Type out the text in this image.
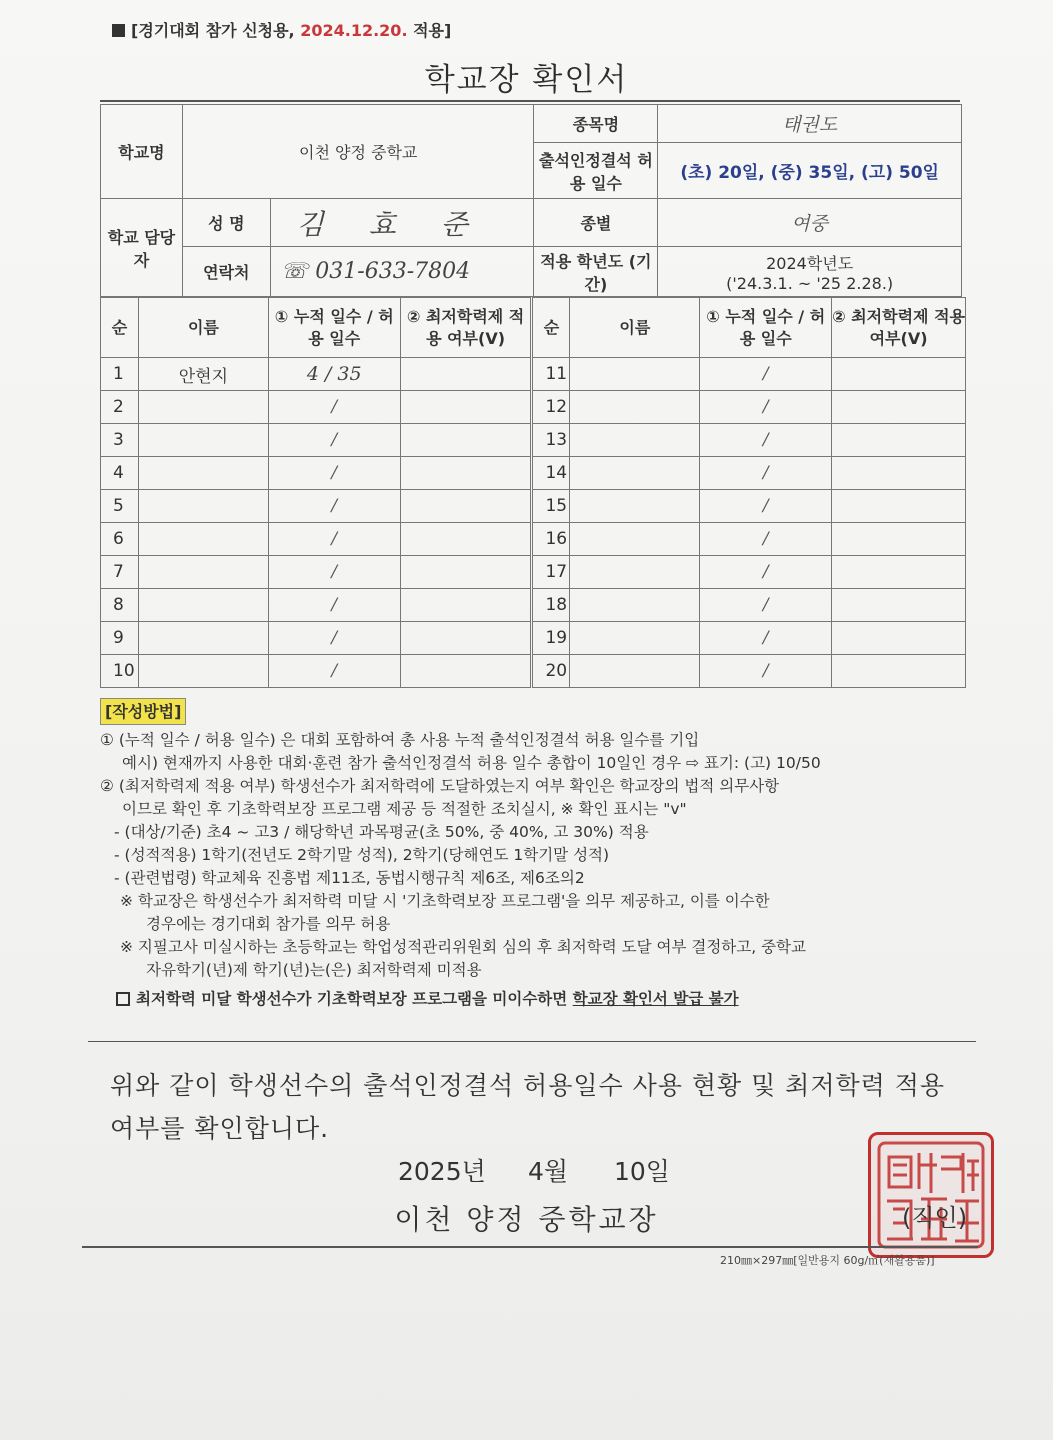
[경기대회 참가 신청용, 2024.12.20. 적용]
학교장 확인서
학교명	이천 양정 중학교		종목명	태권도
			출석인정결석 허용 일수	(초) 20일, (중) 35일, (고) 50일
학교 담당자	성 명	김 효 준	종별	여중
	연락처	☏ 031-633-7804	적용 학년도 (기간)	2024학년도
('24.3.1. ~ '25 2.28.)
순	이름	① 누적 일수 / 허용 일수	② 최저학력제 적용 여부(V)	순	이름	① 누적 일수 / 허용 일수	② 최저학력제 적용 여부(V)
1	안현지	4 / 35		11		/	
2		/		12		/	
3		/		13		/	
4		/		14		/	
5		/		15		/	
6		/		16		/	
7		/		17		/	
8		/		18		/	
9		/		19		/	
10		/		20		/	
[작성방법]
① (누적 일수 / 허용 일수) 은 대회 포함하여 총 사용 누적 출석인정결석 허용 일수를 기입
예시) 현재까지 사용한 대회·훈련 참가 출석인정결석 허용 일수 총합이 10일인 경우 ⇨ 표기: (고) 10/50
② (최저학력제 적용 여부) 학생선수가 최저학력에 도달하였는지 여부 확인은 학교장의 법적 의무사항
이므로 확인 후 기초학력보장 프로그램 제공 등 적절한 조치실시, ※ 확인 표시는 "v"
- (대상/기준) 초4 ~ 고3 / 해당학년 과목평균(초 50%, 중 40%, 고 30%) 적용
- (성적적용) 1학기(전년도 2학기말 성적), 2학기(당해연도 1학기말 성적)
- (관련법령) 학교체육 진흥법 제11조, 동법시행규칙 제6조, 제6조의2
※ 학교장은 학생선수가 최저학력 미달 시 '기초학력보장 프로그램'을 의무 제공하고, 이를 이수한
경우에는 경기대회 참가를 의무 허용
※ 지필고사 미실시하는 초등학교는 학업성적관리위원회 심의 후 최저학력 도달 여부 결정하고, 중학교
자유학기(년)제 학기(년)는(은) 최저학력제 미적용
최저학력 미달 학생선수가 기초학력보장 프로그램을 미이수하면 학교장 확인서 발급 불가
위와 같이 학생선수의 출석인정결석 허용일수 사용 현황 및 최저학력 적용 여부를 확인합니다.
2025년 4월 10일
이천 양정 중학교장	(직인)
210㎜×297㎜[일반용지 60g/㎡(재활용품)]
